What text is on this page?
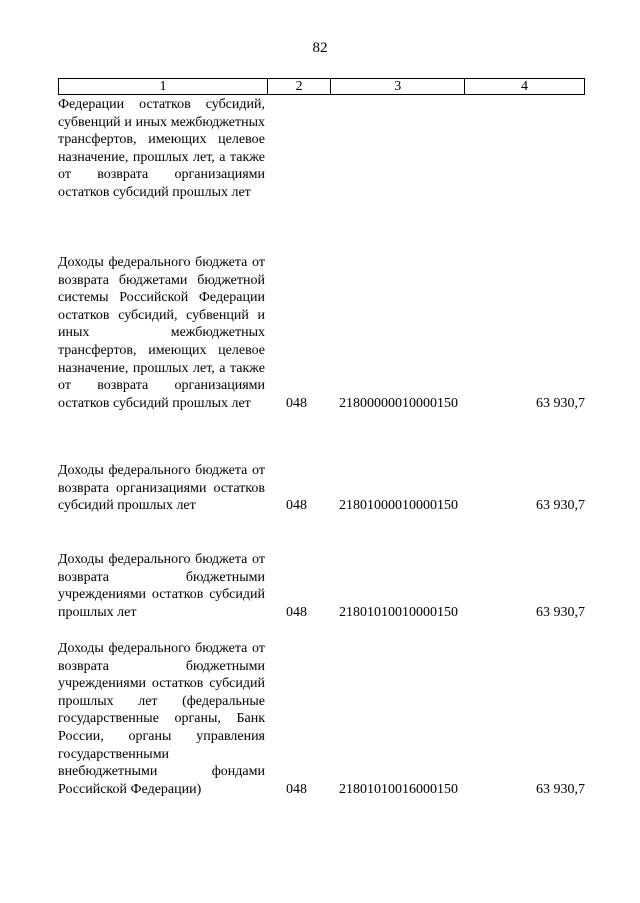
82
1	2	3	4
Федерации остатков субсидий, субвенций и иных межбюджетных трансфертов, имеющих целевое назначение, прошлых лет, а также от возврата организациями остатков субсидий прошлых лет
Доходы федерального бюджета от возврата бюджетами бюджетной системы Российской Федерации остатков субсидий, субвенций и иных межбюджетных трансфертов, имеющих целевое назначение, прошлых лет, а также от возврата организациями остатков субсидий прошлых лет	048 21800000010000150	63 930,7
Доходы федерального бюджета от возврата организациями остатков субсидий прошлых лет	048 21801000010000150	63 930,7
Доходы федерального бюджета от возврата бюджетными учреждениями остатков субсидий прошлых лет	048 21801010010000150	63 930,7
Доходы федерального бюджета от возврата бюджетными учреждениями остатков субсидий прошлых лет (федеральные государственные органы, Банк России, органы управления государственными внебюджетными фондами Российской Федерации)	048 21801010016000150	63 930,7
